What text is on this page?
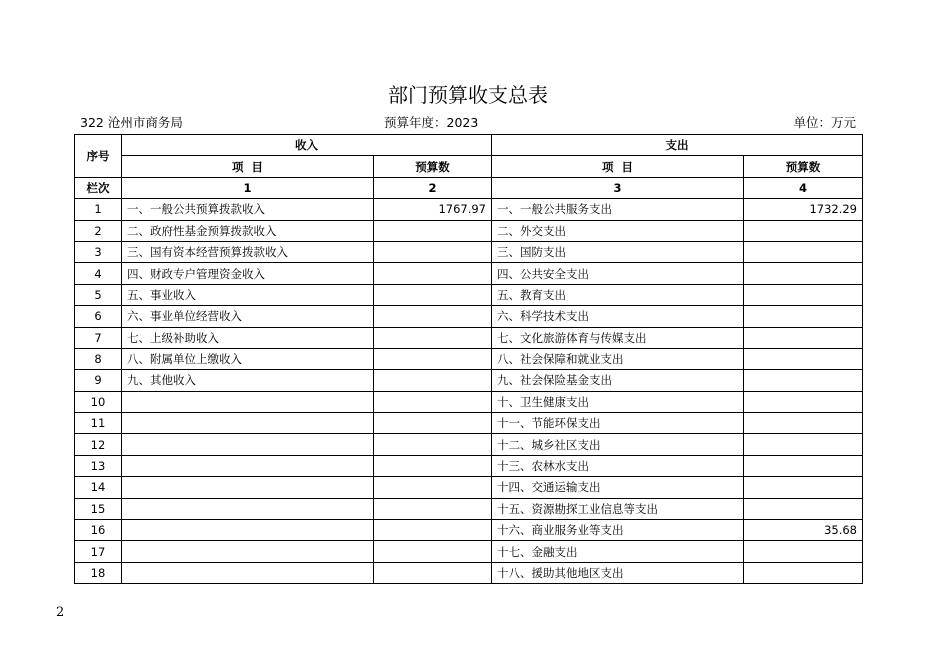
部门预算收支总表
322 沧州市商务局	预算年度：2023	单位：万元
序号	收入		支出	
	项  目	预算数	项  目	预算数
栏次	1	2	3	4
1	一、一般公共预算拨款收入	1767.97	一、一般公共服务支出	1732.29
2	二、政府性基金预算拨款收入		二、外交支出	
3	三、国有资本经营预算拨款收入		三、国防支出	
4	四、财政专户管理资金收入		四、公共安全支出	
5	五、事业收入		五、教育支出	
6	六、事业单位经营收入		六、科学技术支出	
7	七、上级补助收入		七、文化旅游体育与传媒支出	
8	八、附属单位上缴收入		八、社会保障和就业支出	
9	九、其他收入		九、社会保险基金支出	
10			十、卫生健康支出	
11			十一、节能环保支出	
12			十二、城乡社区支出	
13			十三、农林水支出	
14			十四、交通运输支出	
15			十五、资源勘探工业信息等支出	
16			十六、商业服务业等支出	35.68
17			十七、金融支出	
18			十八、援助其他地区支出	
2
